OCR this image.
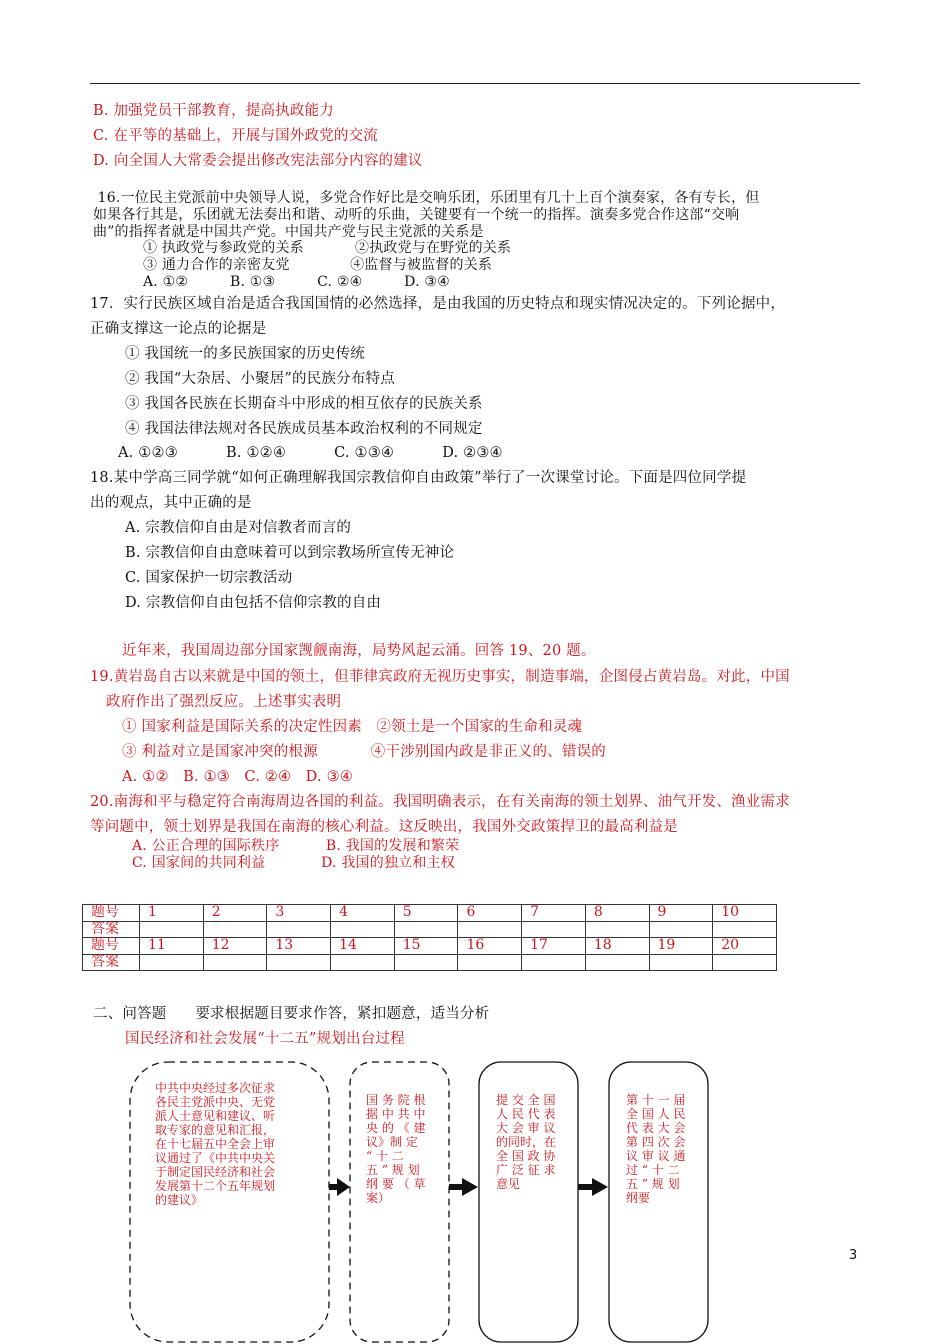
B. 加强党员干部教育，提高执政能力
C. 在平等的基础上，开展与国外政党的交流
D. 向全国人大常委会提出修改宪法部分内容的建议
16.一位民主党派前中央领导人说，多党合作好比是交响乐团，乐团里有几十上百个演奏家，各有专长，但
如果各行其是，乐团就无法奏出和谐、动听的乐曲，关键要有一个统一的指挥。演奏多党合作这部“交响
曲”的指挥者就是中国共产党。中国共产党与民主党派的关系是
① 执政党与参政党的关系           ②执政党与在野党的关系
③ 通力合作的亲密友党             ④监督与被监督的关系
A. ①②         B. ①③         C. ②④         D. ③④
17．实行民族区域自治是适合我国国情的必然选择，是由我国的历史特点和现实情况决定的。下列论据中，
正确支撑这一论点的论据是
① 我国统一的多民族国家的历史传统
② 我国“大杂居、小聚居”的民族分布特点
③ 我国各民族在长期奋斗中形成的相互依存的民族关系
④ 我国法律法规对各民族成员基本政治权利的不同规定
A. ①②③          B. ①②④          C. ①③④          D. ②③④
18.某中学高三同学就“如何正确理解我国宗教信仰自由政策”举行了一次课堂讨论。下面是四位同学提
出的观点，其中正确的是
A. 宗教信仰自由是对信教者而言的
B. 宗教信仰自由意味着可以到宗教场所宣传无神论
C. 国家保护一切宗教活动
D. 宗教信仰自由包括不信仰宗教的自由
近年来，我国周边部分国家觊觎南海，局势风起云涌。回答 19、20 题。
19.黄岩岛自古以来就是中国的领土，但菲律宾政府无视历史事实，制造事端，企图侵占黄岩岛。对此，中国
政府作出了强烈反应。上述事实表明
① 国家利益是国际关系的决定性因素   ②领土是一个国家的生命和灵魂
③ 利益对立是国家冲突的根源           ④干涉别国内政是非正义的、错误的
A. ①②   B. ①③   C. ②④   D. ③④
20.南海和平与稳定符合南海周边各国的利益。我国明确表示，在有关南海的领土划界、油气开发、渔业需求
等问题中，领土划界是我国在南海的核心利益。这反映出，我国外交政策捍卫的最高利益是
A. 公正合理的国际秩序          B. 我国的发展和繁荣
C. 国家间的共同利益            D. 我国的独立和主权
题号	1	2	3	4	5	6	7	8	9	10
答案										
题号	11	12	13	14	15	16	17	18	19	20
答案										
二、问答题      要求根据题目要求作答，紧扣题意，适当分析
国民经济和社会发展“十二五”规划出台过程
中共中央经过多次征求
各民主党派中央、无党
派人士意见和建议、听
取专家的意见和汇报，
在十七届五中全会上审
议通过了《中共中央关
于制定国民经济和社会
发展第十二个五年规划
的建议》
国 务 院 根
据 中 共 中
央 的 《 建
议》制 定
“ 十 二
五 ” 规 划
纲 要 （ 草
案）
提 交 全 国
人 民 代 表
大 会 审 议
的同时，在
全 国 政 协
广 泛 征 求
意见
第 十 一 届
全 国 人 民
代 表 大 会
第 四 次 会
议 审 议 通
过 “ 十 二
五 ” 规 划
纲要
3
